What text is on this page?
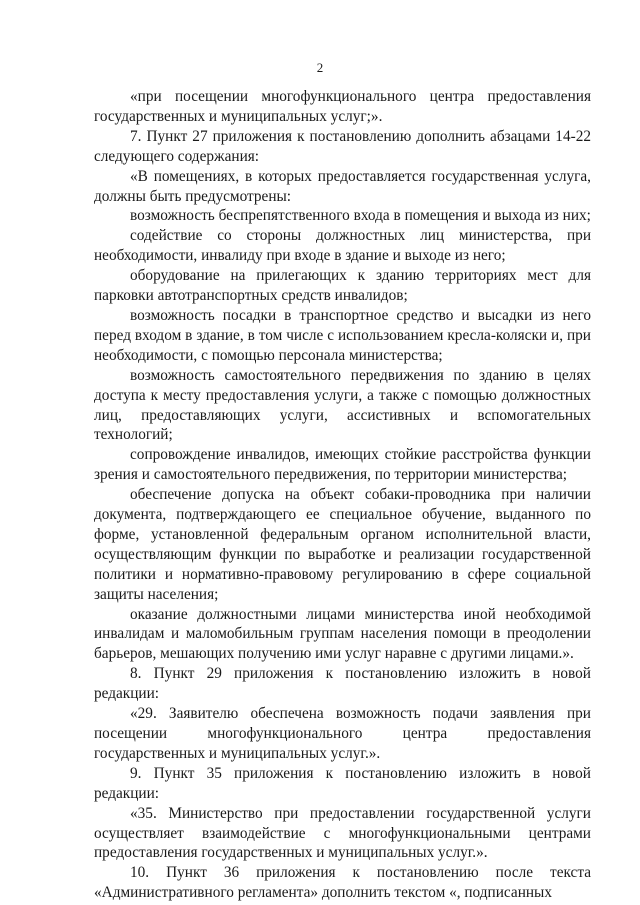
2

«при посещении многофункционального центра предоставления государственных и муниципальных услуг;».

7. Пункт 27 приложения к постановлению дополнить абзацами 14-22 следующего содержания:

«В помещениях, в которых предоставляется государственная услуга, должны быть предусмотрены:

возможность беспрепятственного входа в помещения и выхода из них;

содействие со стороны должностных лиц министерства, при необходимости, инвалиду при входе в здание и выходе из него;

оборудование на прилегающих к зданию территориях мест для парковки автотранспортных средств инвалидов;

возможность посадки в транспортное средство и высадки из него перед входом в здание, в том числе с использованием кресла-коляски и, при необходимости, с помощью персонала министерства;

возможность самостоятельного передвижения по зданию в целях доступа к месту предоставления услуги, а также с помощью должностных лиц, предоставляющих услуги, ассистивных и вспомогательных технологий;

сопровождение инвалидов, имеющих стойкие расстройства функции зрения и самостоятельного передвижения, по территории министерства;

обеспечение допуска на объект собаки-проводника при наличии документа, подтверждающего ее специальное обучение, выданного по форме, установленной федеральным органом исполнительной власти, осуществляющим функции по выработке и реализации государственной политики и нормативно-правовому регулированию в сфере социальной защиты населения;

оказание должностными лицами министерства иной необходимой инвалидам и маломобильным группам населения помощи в преодолении барьеров, мешающих получению ими услуг наравне с другими лицами.».

8. Пункт 29 приложения к постановлению изложить в новой редакции:

«29. Заявителю обеспечена возможность подачи заявления при посещении многофункционального центра предоставления государственных и муниципальных услуг.».

9. Пункт 35 приложения к постановлению изложить в новой редакции:

«35. Министерство при предоставлении государственной услуги осуществляет взаимодействие с многофункциональными центрами предоставления государственных и муниципальных услуг.».

10. Пункт 36 приложения к постановлению после текста «Административного регламента» дополнить текстом «, подписанных
